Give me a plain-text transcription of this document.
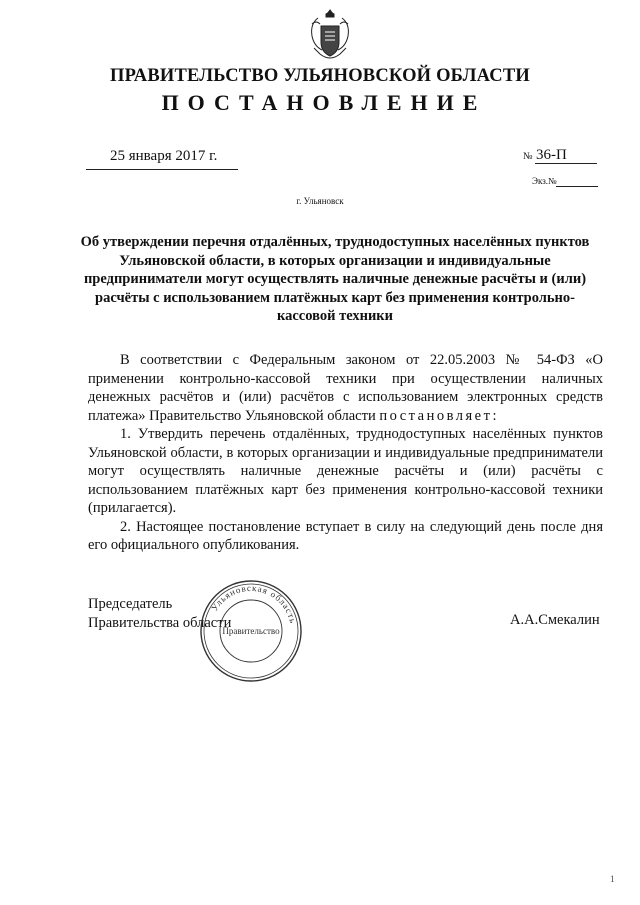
ПРАВИТЕЛЬСТВО УЛЬЯНОВСКОЙ ОБЛАСТИ
ПОСТАНОВЛЕНИЕ
25 января 2017 г.	№ 36-П
Экз.№
г. Ульяновск
Об утверждении перечня отдалённых, труднодоступных населённых пунктов Ульяновской области, в которых организации и индивидуальные предприниматели могут осуществлять наличные денежные расчёты и (или) расчёты с использованием платёжных карт без применения контрольно-кассовой техники

В соответствии с Федеральным законом от 22.05.2003 № 54-ФЗ «О применении контрольно-кассовой техники при осуществлении наличных денежных расчётов и (или) расчётов с использованием электронных средств платежа» Правительство Ульяновской области постановляет:

1. Утвердить перечень отдалённых, труднодоступных населённых пунктов Ульяновской области, в которых организации и индивидуальные предприниматели могут осуществлять наличные денежные расчёты и (или) расчёты с использованием платёжных карт без применения контрольно-кассовой техники (прилагается).

2. Настоящее постановление вступает в силу на следующий день после дня его официального опубликования.

Председатель
Правительства области	А.А.Смекалин
Ульяновская область
Правительство
1
